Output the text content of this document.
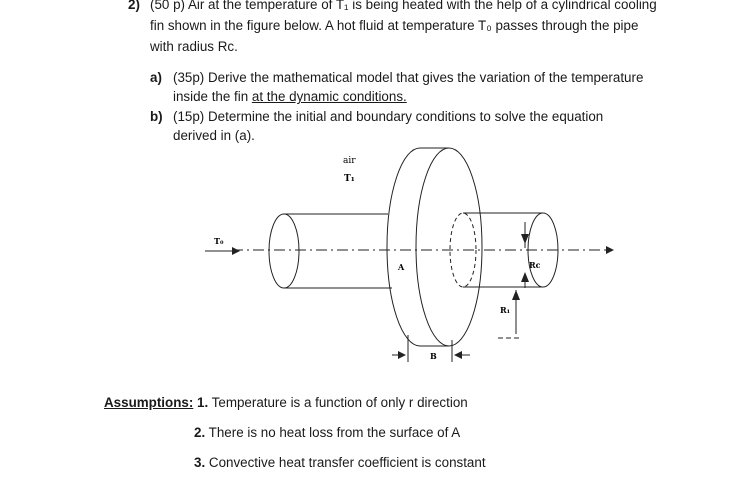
2) (50 p) Air at the temperature of T₁ is being heated with the help of a cylindrical cooling
fin shown in the figure below. A hot fluid at temperature T₀ passes through the pipe
with radius Rc.
a) (35p) Derive the mathematical model that gives the variation of the temperature
inside the fin at the dynamic conditions.
b) (15p) Determine the initial and boundary conditions to solve the equation
derived in (a).
air
T₁
T₀
A
B
Rc
R₁
Assumptions: 1. Temperature is a function of only r direction
2. There is no heat loss from the surface of A
3. Convective heat transfer coefficient is constant
